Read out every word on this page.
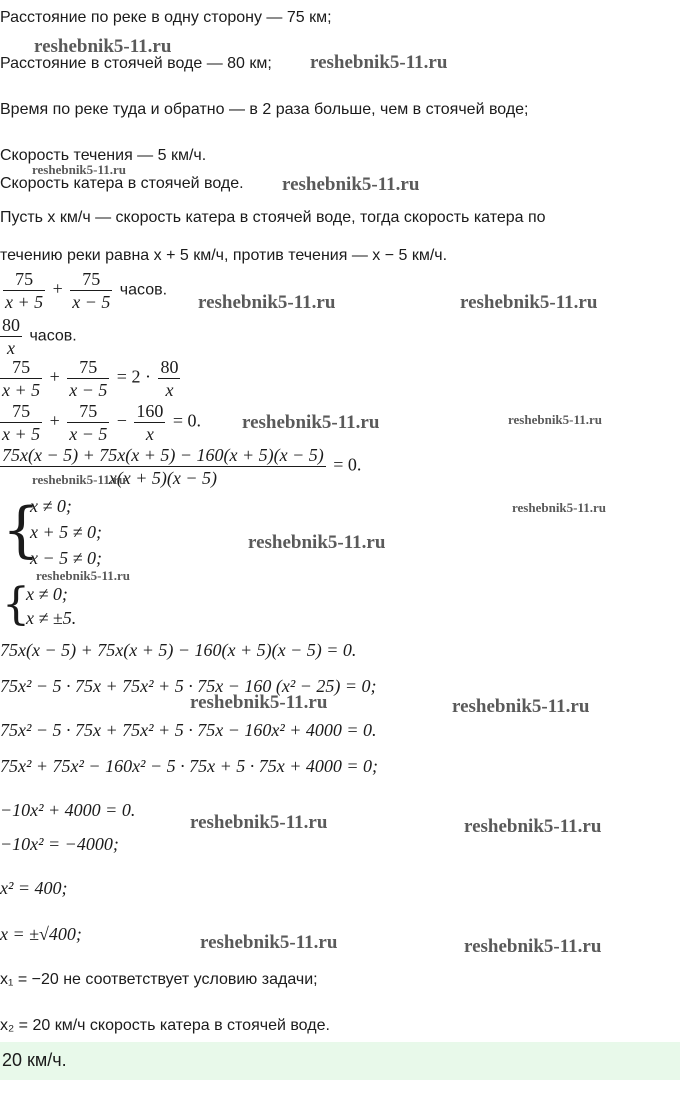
Расстояние по реке в одну сторону — 75 км;
Расстояние в стоячей воде — 80 км;
Время по реке туда и обратно — в 2 раза больше, чем в стоячей воде;
Скорость течения — 5 км/ч.
Скорость катера в стоячей воде.
Пусть x км/ч — скорость катера в стоячей воде, тогда скорость катера по
течению реки равна x + 5 км/ч, против течения — x − 5 км/ч.
$\frac{75}{x + 5} + \frac{75}{x - 5}$ часов.
$\frac{80}{x}$ часов.
$\frac{75}{x + 5} + \frac{75}{x - 5} = 2 \cdot \frac{80}{x}$
$\frac{75}{x + 5} + \frac{75}{x - 5} - \frac{160}{x} = 0$.
$\frac{75x(x - 5) + 75x(x + 5) - 160(x + 5)(x - 5)}{x(x + 5)(x - 5)} = 0$.
{
x ≠ 0;
x + 5 ≠ 0;
x − 5 ≠ 0;
{
x ≠ 0;
x ≠ ±5.
75x(x − 5) + 75x(x + 5) − 160(x + 5)(x − 5) = 0.
75x² − 5 · 75x + 75x² + 5 · 75x − 160 (x² − 25) = 0;
75x² − 5 · 75x + 75x² + 5 · 75x − 160x² + 4000 = 0.
75x² + 75x² − 160x² − 5 · 75x + 5 · 75x + 4000 = 0;
−10x² + 4000 = 0.
−10x² = −4000;
x² = 400;
x = ±√400;
x₁ = −20 не соответствует условию задачи;
x₂ = 20 км/ч скорость катера в стоячей воде.
20 км/ч.
reshebnik5-11.ru
reshebnik5-11.ru
reshebnik5-11.ru
reshebnik5-11.ru
reshebnik5-11.ru	reshebnik5-11.ru
reshebnik5-11.ru	reshebnik5-11.ru
reshebnik5-11.ru
reshebnik5-11.ru
reshebnik5-11.ru
reshebnik5-11.ru
reshebnik5-11.ru	reshebnik5-11.ru
reshebnik5-11.ru	reshebnik5-11.ru
reshebnik5-11.ru	reshebnik5-11.ru
